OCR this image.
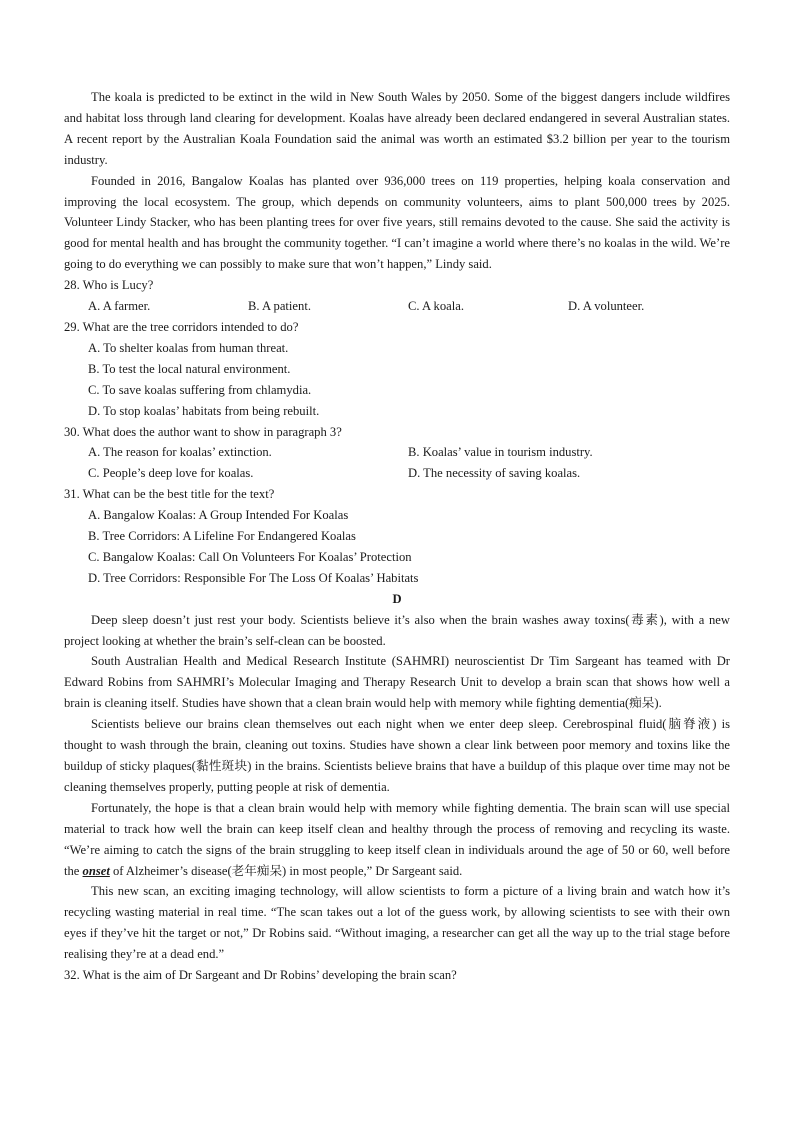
The koala is predicted to be extinct in the wild in New South Wales by 2050. Some of the biggest dangers include wildfires and habitat loss through land clearing for development. Koalas have already been declared endangered in several Australian states. A recent report by the Australian Koala Foundation said the animal was worth an estimated $3.2 billion per year to the tourism industry.

Founded in 2016, Bangalow Koalas has planted over 936,000 trees on 119 properties, helping koala conservation and improving the local ecosystem. The group, which depends on community volunteers, aims to plant 500,000 trees by 2025. Volunteer Lindy Stacker, who has been planting trees for over five years, still remains devoted to the cause. She said the activity is good for mental health and has brought the community together. “I can’t imagine a world where there’s no koalas in the wild. We’re going to do everything we can possibly to make sure that won’t happen,” Lindy said.

28. Who is Lucy?

A. A farmer.	B. A patient.	C. A koala.	D. A volunteer.

29. What are the tree corridors intended to do?

A. To shelter koalas from human threat.

B. To test the local natural environment.

C. To save koalas suffering from chlamydia.

D. To stop koalas’ habitats from being rebuilt.

30. What does the author want to show in paragraph 3?

A. The reason for koalas’ extinction.	B. Koalas’ value in tourism industry.
C. People’s deep love for koalas.	D. The necessity of saving koalas.

31. What can be the best title for the text?

A. Bangalow Koalas: A Group Intended For Koalas

B. Tree Corridors: A Lifeline For Endangered Koalas

C. Bangalow Koalas: Call On Volunteers For Koalas’ Protection

D. Tree Corridors: Responsible For The Loss Of Koalas’ Habitats

D

Deep sleep doesn’t just rest your body. Scientists believe it’s also when the brain washes away toxins(毒素), with a new project looking at whether the brain’s self-clean can be boosted.

South Australian Health and Medical Research Institute (SAHMRI) neuroscientist Dr Tim Sargeant has teamed with Dr Edward Robins from SAHMRI’s Molecular Imaging and Therapy Research Unit to develop a brain scan that shows how well a brain is cleaning itself. Studies have shown that a clean brain would help with memory while fighting dementia(痴呆).

Scientists believe our brains clean themselves out each night when we enter deep sleep. Cerebrospinal fluid(脑脊液) is thought to wash through the brain, cleaning out toxins. Studies have shown a clear link between poor memory and toxins like the buildup of sticky plaques(黏性斑块) in the brains. Scientists believe brains that have a buildup of this plaque over time may not be cleaning themselves properly, putting people at risk of dementia.

Fortunately, the hope is that a clean brain would help with memory while fighting dementia. The brain scan will use special material to track how well the brain can keep itself clean and healthy through the process of removing and recycling its waste. “We’re aiming to catch the signs of the brain struggling to keep itself clean in individuals around the age of 50 or 60, well before the onset of Alzheimer’s disease(老年痴呆) in most people,” Dr Sargeant said.

This new scan, an exciting imaging technology, will allow scientists to form a picture of a living brain and watch how it’s recycling wasting material in real time. “The scan takes out a lot of the guess work, by allowing scientists to see with their own eyes if they’ve hit the target or not,” Dr Robins said. “Without imaging, a researcher can get all the way up to the trial stage before realising they’re at a dead end.”

32. What is the aim of Dr Sargeant and Dr Robins’ developing the brain scan?
